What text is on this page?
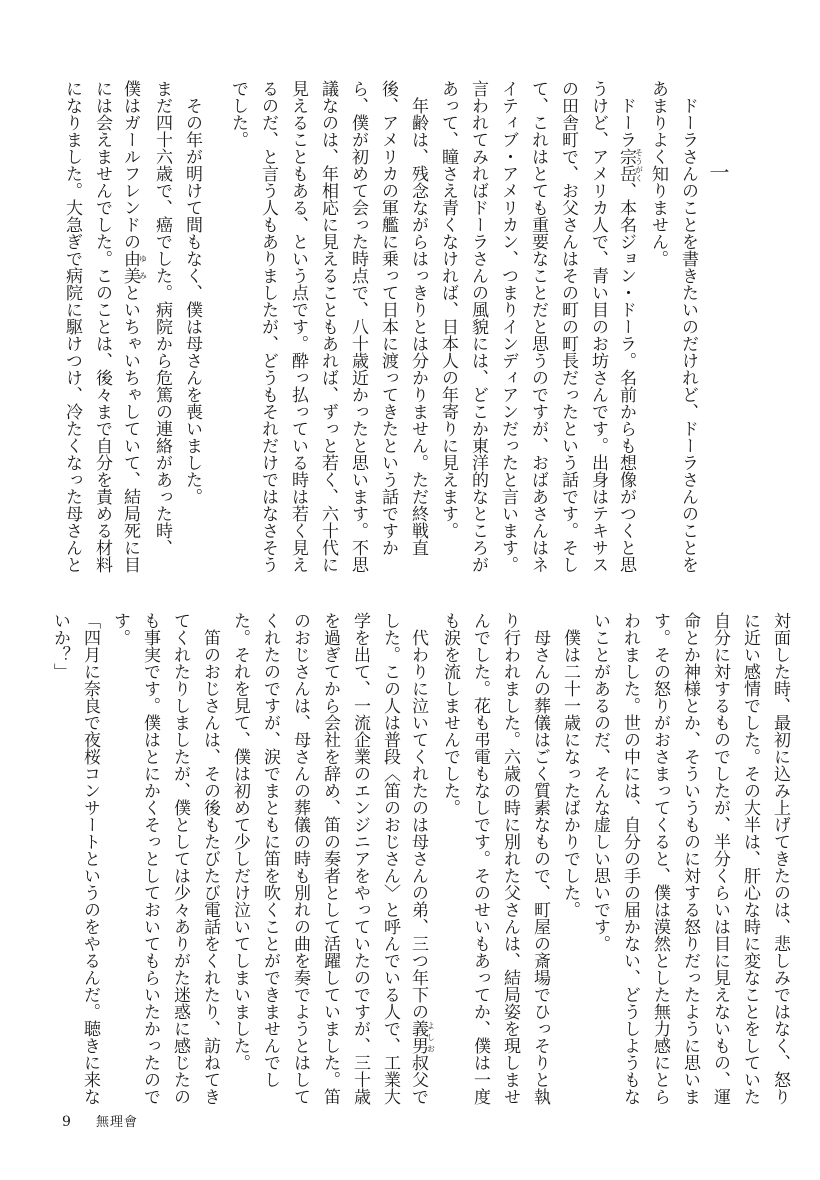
一
ドーラさんのことを書きたいのだけれど、ドーラさんのことを
あまりよく知りません。
ドーラ宗岳そうがく、本名ジョン・ドーラ。名前からも想像がつくと思
うけど、アメリカ人で、青い目のお坊さんです。出身はテキサス
の田舎町で、お父さんはその町の町長だったという話です。そし
て、これはとても重要なことだと思うのですが、おばあさんはネ
イティブ・アメリカン、つまりインディアンだったと言います。
言われてみればドーラさんの風貌には、どこか東洋的なところが
あって、瞳さえ青くなければ、日本人の年寄りに見えます。
年齢は、残念ながらはっきりとは分かりません。ただ終戦直
後、アメリカの軍艦に乗って日本に渡ってきたという話ですか
ら、僕が初めて会った時点で、八十歳近かったと思います。不思
議なのは、年相応に見えることもあれば、ずっと若く、六十代に
見えることもある、という点です。酔っ払っている時は若く見え
るのだ、と言う人もありましたが、どうもそれだけではなさそう
でした。
その年が明けて間もなく、僕は母さんを喪いました。
まだ四十六歳で、癌でした。病院から危篤の連絡があった時、
僕はガールフレンドの由美ゆみといちゃいちゃしていて、結局死に目
には会えませんでした。このことは、後々まで自分を責める材料
になりました。大急ぎで病院に駆けつけ、冷たくなった母さんと
対面した時、最初に込み上げてきたのは、悲しみではなく、怒り
に近い感情でした。その大半は、肝心な時に変なことをしていた
自分に対するものでしたが、半分くらいは目に見えないもの、運
命とか神様とか、そういうものに対する怒りだったように思いま
す。その怒りがおさまってくると、僕は漠然とした無力感にとら
われました。世の中には、自分の手の届かない、どうしようもな
いことがあるのだ、そんな虚しい思いです。
僕は二十一歳になったばかりでした。
母さんの葬儀はごく質素なもので、町屋の斎場でひっそりと執
り行われました。六歳の時に別れた父さんは、結局姿を現しませ
んでした。花も弔電もなしです。そのせいもあってか、僕は一度
も涙を流しませんでした。
代わりに泣いてくれたのは母さんの弟、三つ年下の義男よしお叔父で
した。この人は普段〈笛のおじさん〉と呼んでいる人で、工業大
学を出て、一流企業のエンジニアをやっていたのですが、三十歳
を過ぎてから会社を辞め、笛の奏者として活躍していました。笛
のおじさんは、母さんの葬儀の時も別れの曲を奏でようとはして
くれたのですが、涙でまともに笛を吹くことができませんでし
た。それを見て、僕は初めて少しだけ泣いてしまいました。
笛のおじさんは、その後もたびたび電話をくれたり、訪ねてき
てくれたりしましたが、僕としては少々ありがた迷惑に感じたの
も事実です。僕はとにかくそっとしておいてもらいたかったので
す。
「四月に奈良で夜桜コンサートというのをやるんだ。聴きに来な
いか？」
9 無理會
